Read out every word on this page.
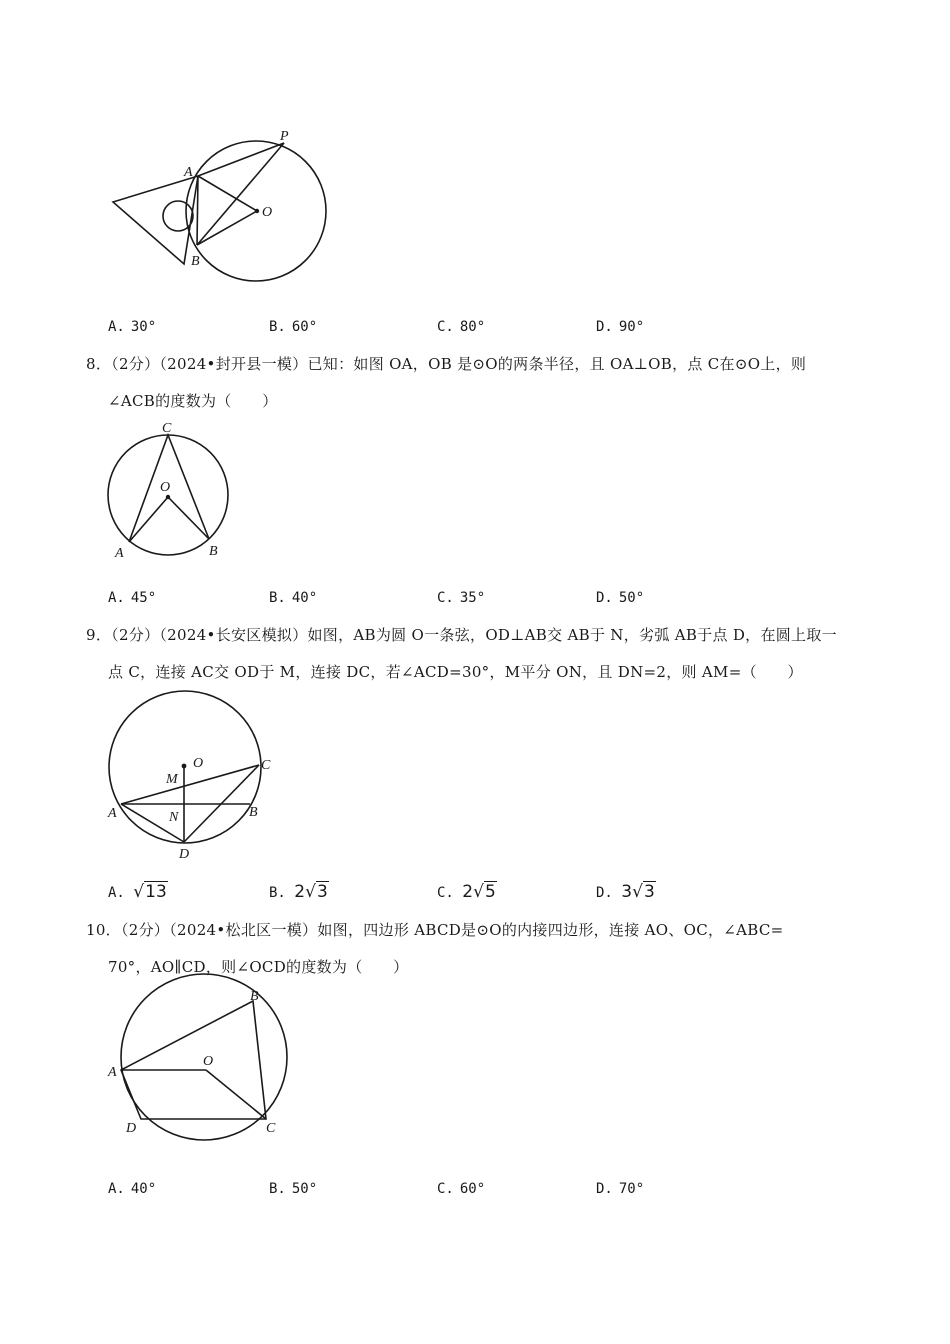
P
A
O
B
A. 30°	B. 60°	C. 80°	D. 90°
8．（2分）（2024•封开县一模）已知：如图 OA，OB 是⊙O的两条半径，且 OA⊥OB，点 C在⊙O上，则
∠ACB的度数为（　　）
C
O
A	B
A. 45°	B. 40°	C. 35°	D. 50°
9．（2分）（2024•长安区模拟）如图，AB为圆 O一条弦，OD⊥AB交 AB于 N，劣弧 AB于点 D，在圆上取一
点 C，连接 AC交 OD于 M，连接 DC，若∠ACD=30°，M平分 ON，且 DN=2，则 AM=（　　）
O
M
C
A	N	B
D
A. √13	B. 2√3	C. 2√5	D. 3√3
10．（2分）（2024•松北区一模）如图，四边形 ABCD是⊙O的内接四边形，连接 AO、OC，∠ABC=
70°，AO∥CD，则∠OCD的度数为（　　）
B
A
O
D	C
A. 40°	B. 50°	C. 60°	D. 70°
